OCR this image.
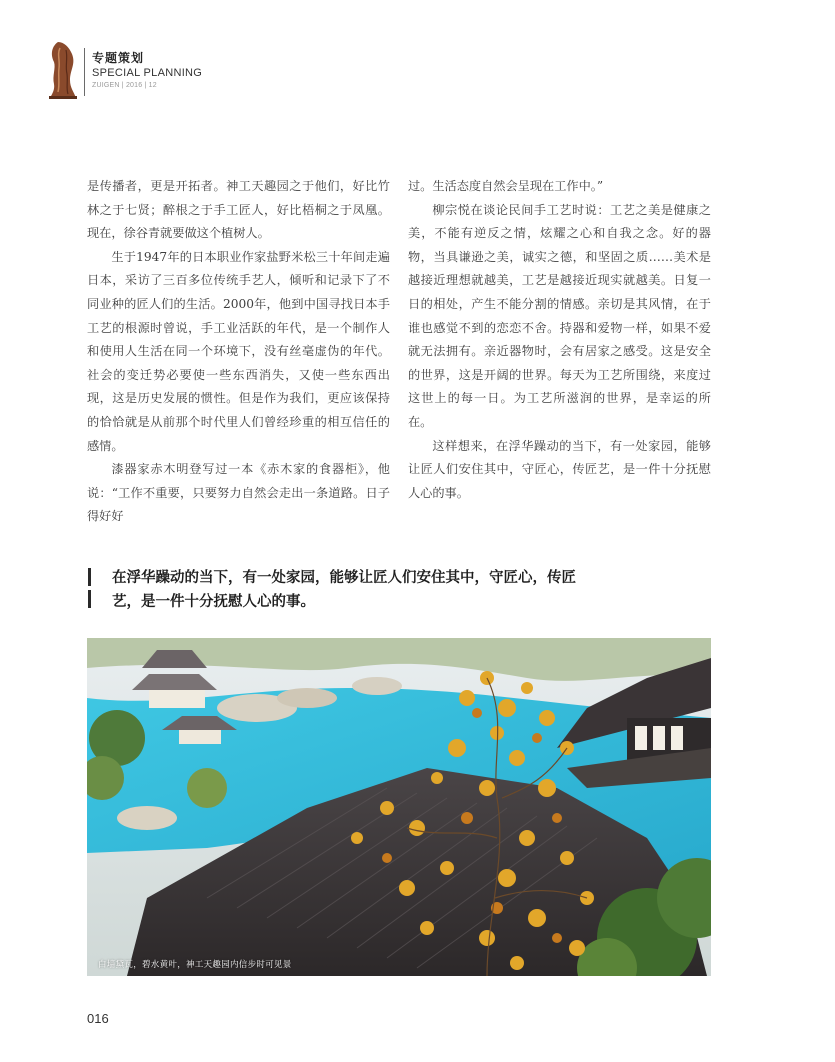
专题策划
SPECIAL PLANNING
ZUIGEN | 2016 | 12

是传播者，更是开拓者。神工天趣园之于他们，好比竹林之于七贤；醉根之于手工匠人，好比梧桐之于凤凰。现在，徐谷青就要做这个植树人。

生于1947年的日本职业作家盐野米松三十年间走遍日本，采访了三百多位传统手艺人，倾听和记录下了不同业种的匠人们的生活。2000年，他到中国寻找日本手工艺的根源时曾说，手工业活跃的年代，是一个制作人和使用人生活在同一个环境下，没有丝毫虚伪的年代。社会的变迁势必要使一些东西消失，又使一些东西出现，这是历史发展的惯性。但是作为我们，更应该保持的恰恰就是从前那个时代里人们曾经珍重的相互信任的感情。

漆器家赤木明登写过一本《赤木家的食器柜》，他说：“工作不重要，只要努力自然会走出一条道路。日子得好好

过。生活态度自然会呈现在工作中。”

柳宗悦在谈论民间手工艺时说：工艺之美是健康之美，不能有逆反之情，炫耀之心和自我之念。好的器物，当具谦逊之美，诚实之德，和坚固之质……美术是越接近理想就越美，工艺是越接近现实就越美。日复一日的相处，产生不能分割的情感。亲切是其风情，在于谁也感觉不到的恋恋不舍。持器和爱物一样，如果不爱就无法拥有。亲近器物时，会有居家之感受。这是安全的世界，这是开阔的世界。每天为工艺所围绕，来度过这世上的每一日。为工艺所滋润的世界，是幸运的所在。

这样想来，在浮华躁动的当下，有一处家园，能够让匠人们安住其中，守匠心，传匠艺，是一件十分抚慰人心的事。

在浮华躁动的当下，有一处家园，能够让匠人们安住其中，守匠心，传匠艺，是一件十分抚慰人心的事。
白墙黛瓦，碧水黄叶，神工天趣园内信步时可见景
016
